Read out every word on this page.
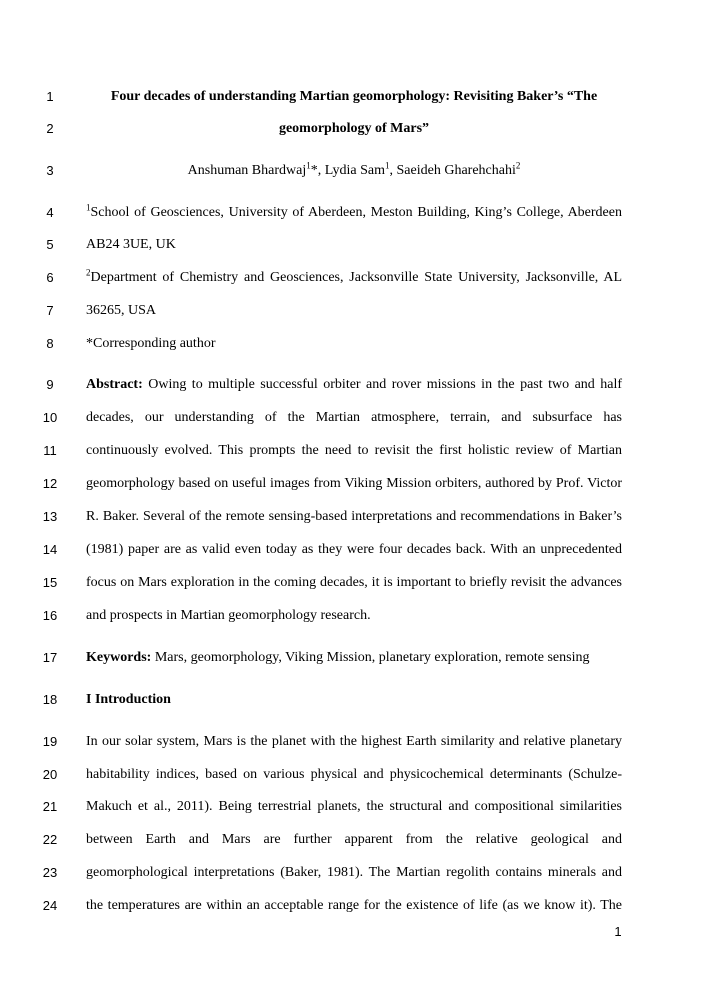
1
2
3
4
5
6
7
8
9
10
11
12
13
14
15
16
17
18
19
20
21
22
23
24
Four decades of understanding Martian geomorphology: Revisiting Baker’s “The
geomorphology of Mars”
Anshuman Bhardwaj$^1$*, Lydia Sam$^1$, Saeideh Gharehchahi$^2$
$^1$School of Geosciences, University of Aberdeen, Meston Building, King’s College, Aberdeen
AB24 3UE, UK
$^2$Department of Chemistry and Geosciences, Jacksonville State University, Jacksonville, AL
36265, USA
*Corresponding author
Abstract: Owing to multiple successful orbiter and rover missions in the past two and half
decades, our understanding of the Martian atmosphere, terrain, and subsurface has
continuously evolved. This prompts the need to revisit the first holistic review of Martian
geomorphology based on useful images from Viking Mission orbiters, authored by Prof. Victor
R. Baker. Several of the remote sensing-based interpretations and recommendations in Baker’s
(1981) paper are as valid even today as they were four decades back. With an unprecedented
focus on Mars exploration in the coming decades, it is important to briefly revisit the advances
and prospects in Martian geomorphology research.
Keywords: Mars, geomorphology, Viking Mission, planetary exploration, remote sensing
I Introduction
In our solar system, Mars is the planet with the highest Earth similarity and relative planetary
habitability indices, based on various physical and physicochemical determinants (Schulze-
Makuch et al., 2011). Being terrestrial planets, the structural and compositional similarities
between Earth and Mars are further apparent from the relative geological and
geomorphological interpretations (Baker, 1981). The Martian regolith contains minerals and
the temperatures are within an acceptable range for the existence of life (as we know it). The
1
